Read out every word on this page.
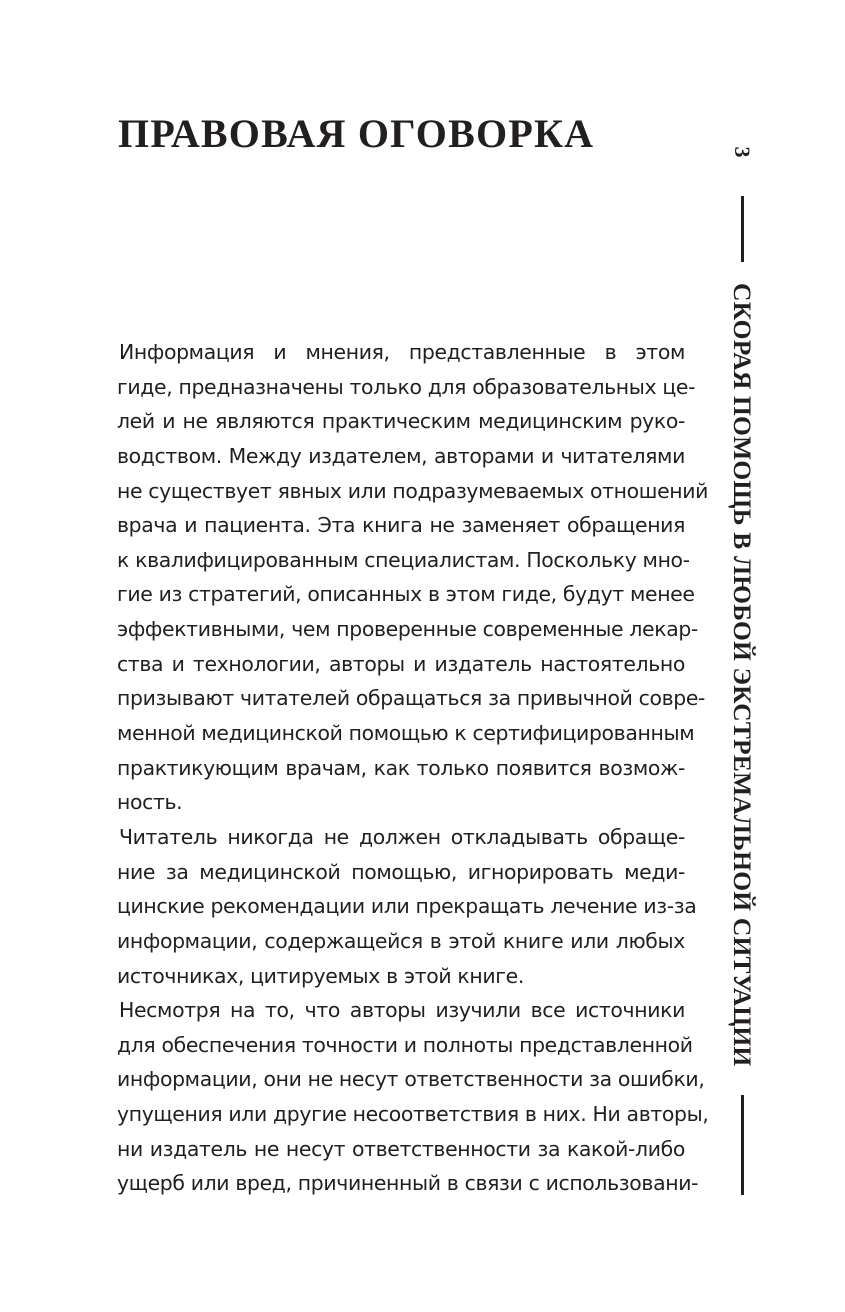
ПРАВОВАЯ ОГОВОРКА
Информация и мнения, представленные в этом
гиде, предназначены только для образовательных це-
лей и не являются практическим медицинским руко-
водством. Между издателем, авторами и читателями
не существует явных или подразумеваемых отношений
врача и пациента. Эта книга не заменяет обращения
к квалифицированным специалистам. Поскольку мно-
гие из стратегий, описанных в этом гиде, будут менее
эффективными, чем проверенные современные лекар-
ства и технологии, авторы и издатель настоятельно
призывают читателей обращаться за привычной совре-
менной медицинской помощью к сертифицированным
практикующим врачам, как только появится возмож-
ность.
Читатель никогда не должен откладывать обраще-
ние за медицинской помощью, игнорировать меди-
цинские рекомендации или прекращать лечение из-за
информации, содержащейся в этой книге или любых
источниках, цитируемых в этой книге.
Несмотря на то, что авторы изучили все источники
для обеспечения точности и полноты представленной
информации, они не несут ответственности за ошибки,
упущения или другие несоответствия в них. Ни авторы,
ни издатель не несут ответственности за какой-либо
ущерб или вред, причиненный в связи с использовани-
3
СКОРАЯ ПОМОЩЬ В ЛЮБОЙ ЭКСТРЕМАЛЬНОЙ СИТУАЦИИ
